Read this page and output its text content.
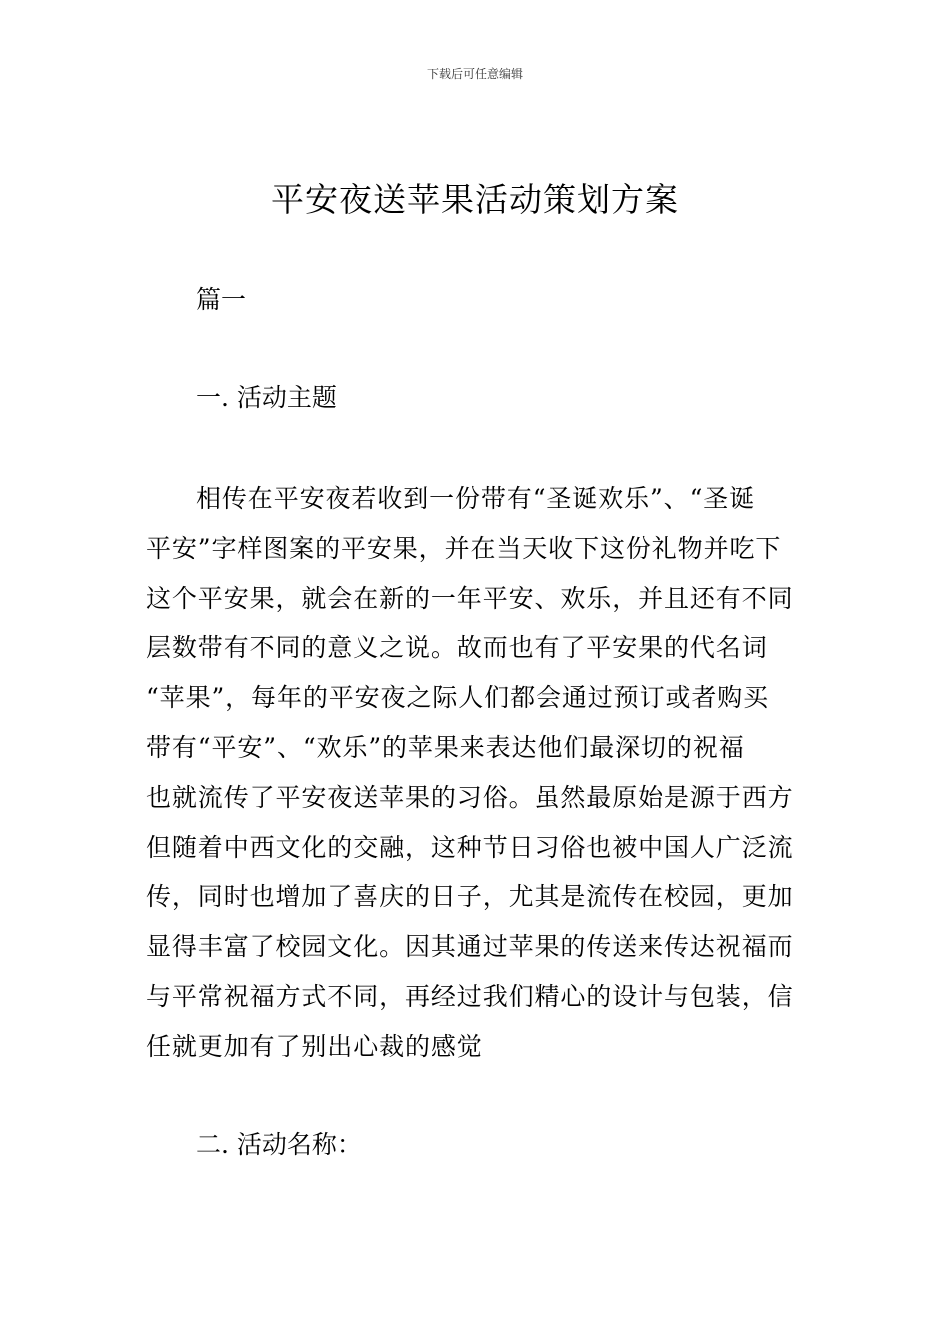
下载后可任意编辑
平安夜送苹果活动策划方案
篇一
一. 活动主题
相传在平安夜若收到一份带有“圣诞欢乐”、“圣诞
平安”字样图案的平安果，并在当天收下这份礼物并吃下
这个平安果，就会在新的一年平安、欢乐，并且还有不同
层数带有不同的意义之说。故而也有了平安果的代名词
“苹果”，每年的平安夜之际人们都会通过预订或者购买
带有“平安”、“欢乐”的苹果来表达他们最深切的祝福
也就流传了平安夜送苹果的习俗。虽然最原始是源于西方
但随着中西文化的交融，这种节日习俗也被中国人广泛流
传，同时也增加了喜庆的日子，尤其是流传在校园，更加
显得丰富了校园文化。因其通过苹果的传送来传达祝福而
与平常祝福方式不同，再经过我们精心的设计与包装，信
任就更加有了别出心裁的感觉
二. 活动名称：
